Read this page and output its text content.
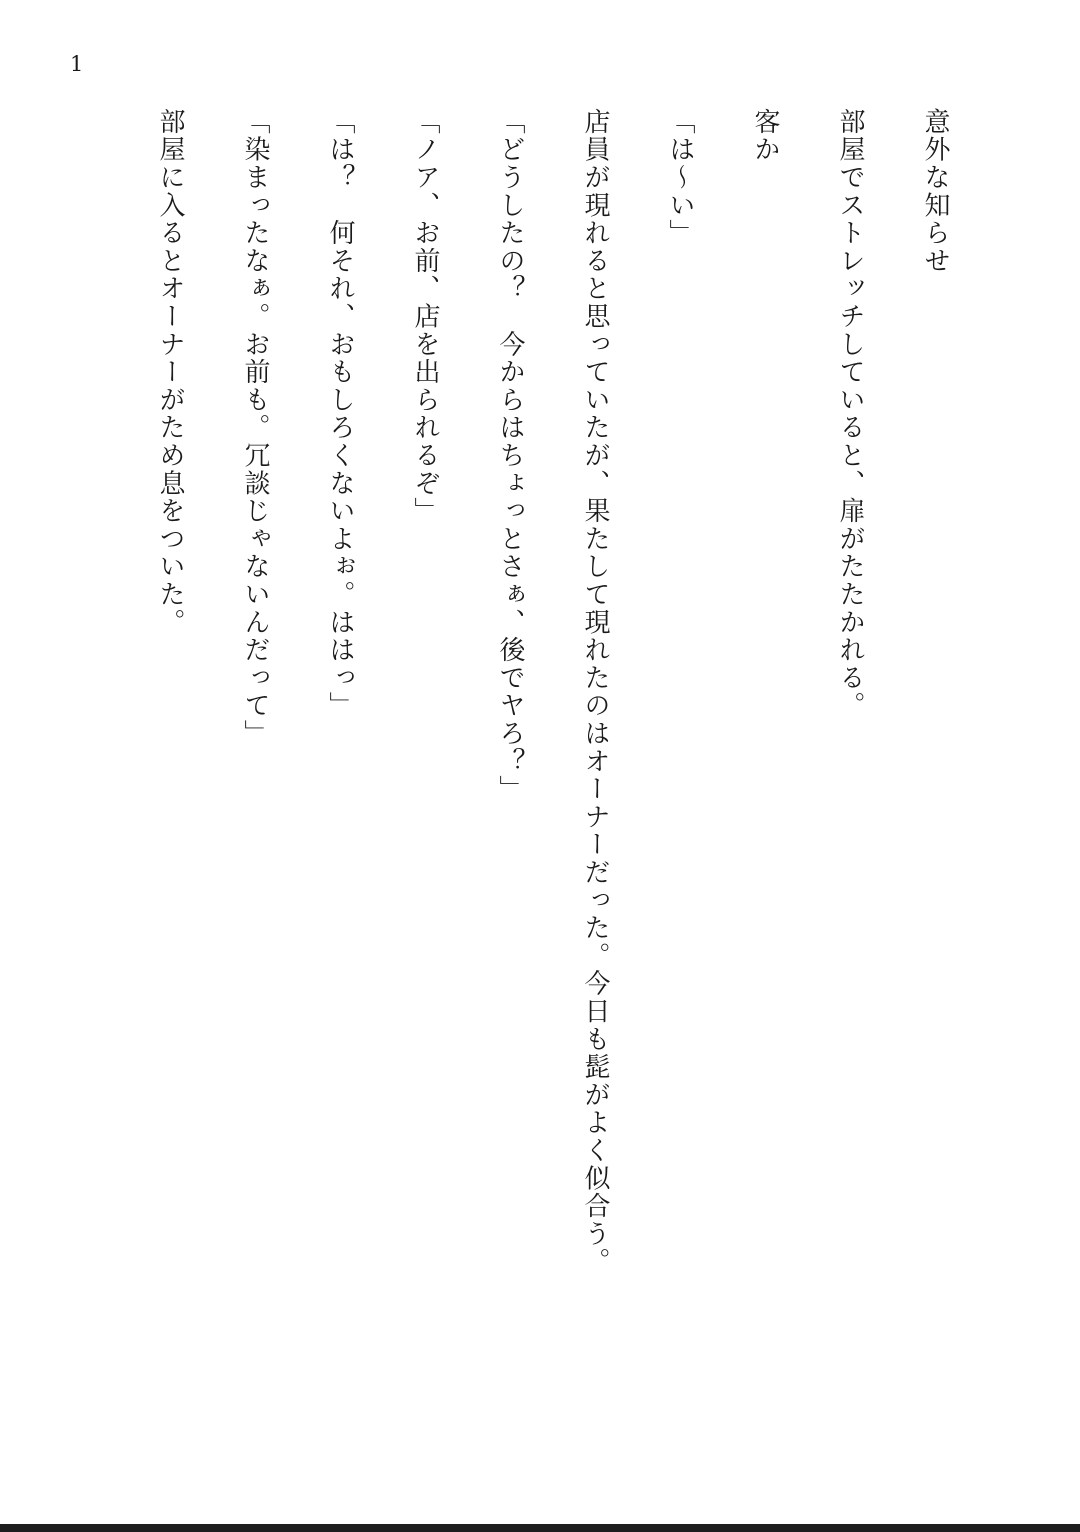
1
意外な知らせ
部屋でストレッチしていると、扉がたたかれる。
客か
「は〜い」
店員が現れると思っていたが、果たして現れたのはオーナーだった。今日も髭がよく似合う。
「どうしたの？　今からはちょっとさぁ、後でヤろ？」
「ノア、お前、店を出られるぞ」
「は？　何それ、おもしろくないよぉ。ははっ」
「染まったなぁ。お前も。冗談じゃないんだって」
部屋に入るとオーナーがため息をついた。
